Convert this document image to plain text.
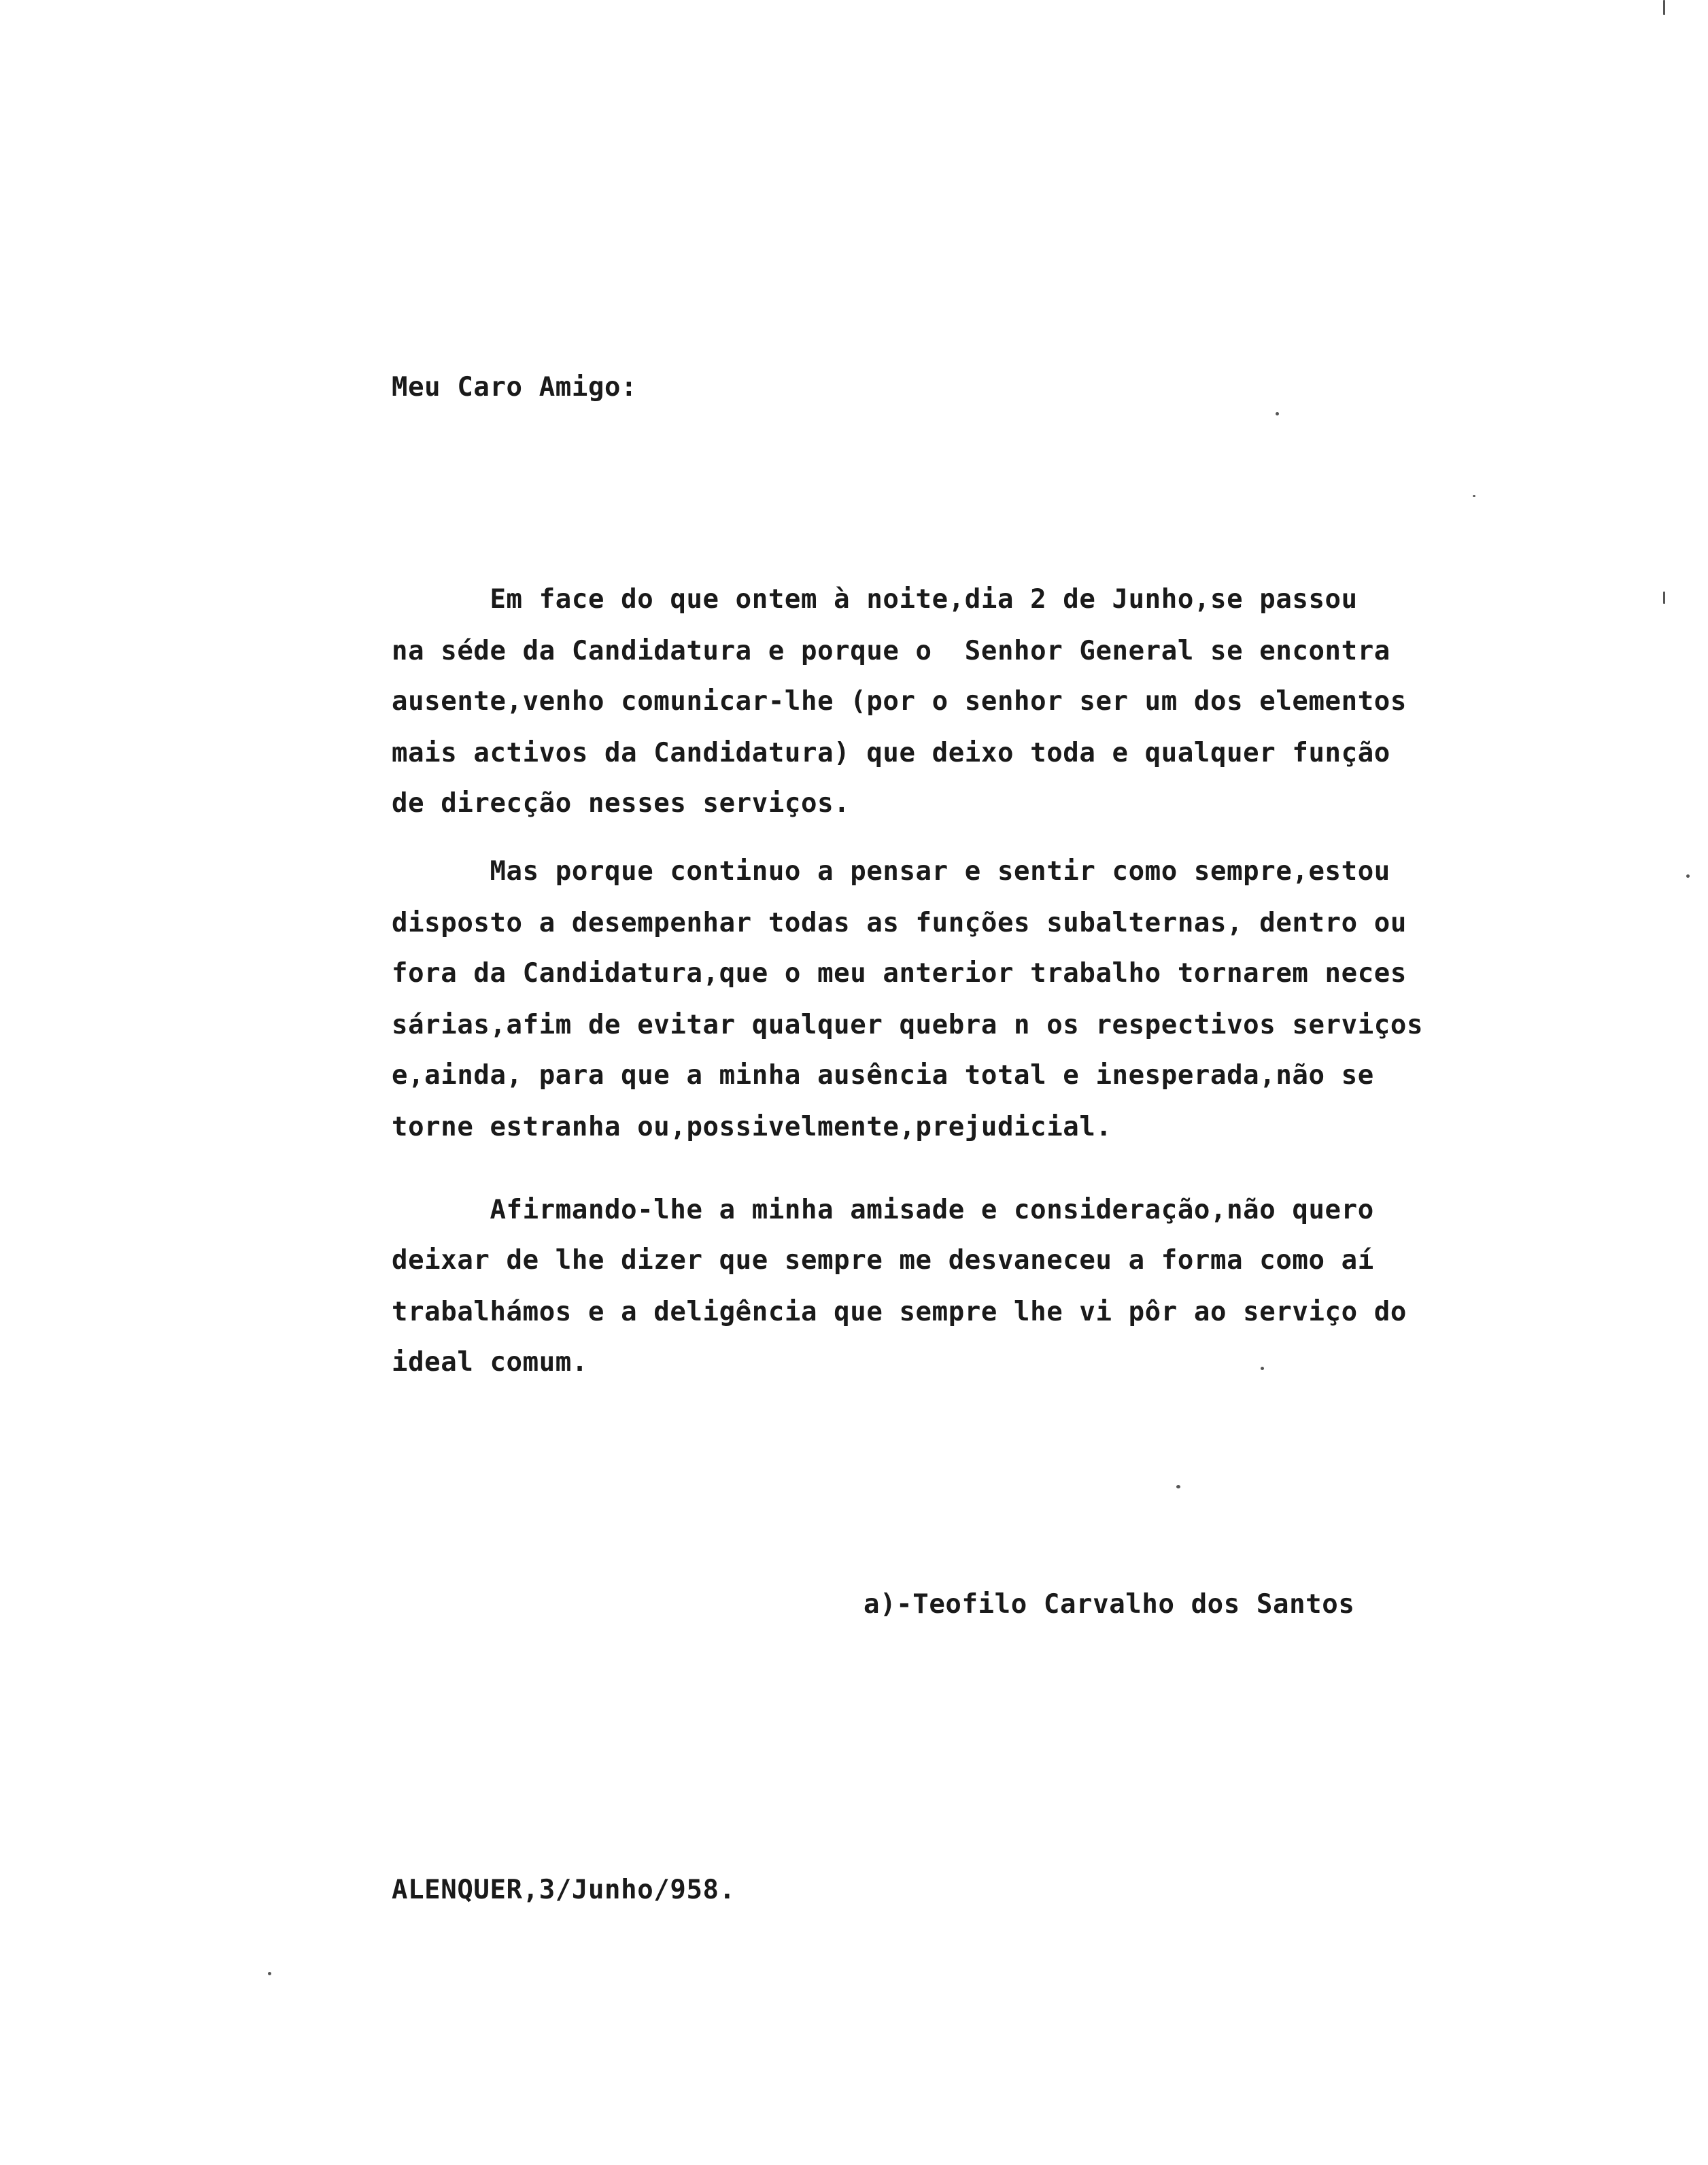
Meu Caro Amigo:
Em face do que ontem à noite,dia 2 de Junho,se passou
na séde da Candidatura e porque o  Senhor General se encontra
ausente,venho comunicar-lhe (por o senhor ser um dos elementos
mais activos da Candidatura) que deixo toda e qualquer função
de direcção nesses serviços.
Mas porque continuo a pensar e sentir como sempre,estou
disposto a desempenhar todas as funções subalternas, dentro ou
fora da Candidatura,que o meu anterior trabalho tornarem neces
sárias,afim de evitar qualquer quebra n os respectivos serviços
e,ainda, para que a minha ausência total e inesperada,não se
torne estranha ou,possivelmente,prejudicial.
Afirmando-lhe a minha amisade e consideração,não quero
deixar de lhe dizer que sempre me desvaneceu a forma como aí
trabalhámos e a deligência que sempre lhe vi pôr ao serviço do
ideal comum.
a)-Teofilo Carvalho dos Santos
ALENQUER,3/Junho/958.
